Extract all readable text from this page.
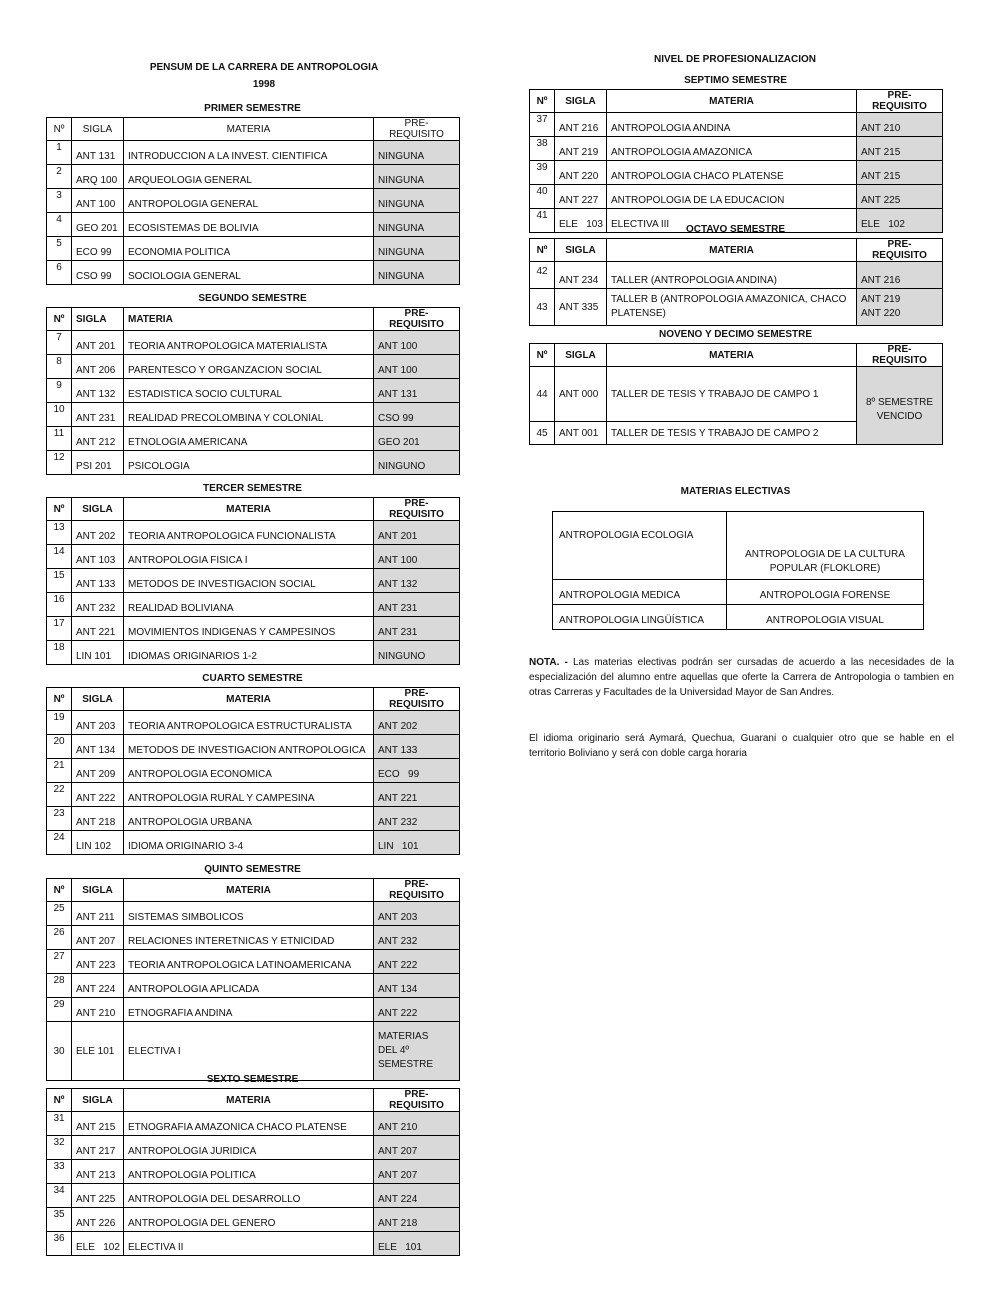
PENSUM DE LA CARRERA DE ANTROPOLOGIA
1998
NIVEL DE PROFESIONALIZACION
PRIMER SEMESTRE
Nº	SIGLA	MATERIA	PRE-REQUISITO
1	ANT 131	INTRODUCCION A LA INVEST. CIENTIFICA	NINGUNA
2	ARQ 100	ARQUEOLOGIA GENERAL	NINGUNA
3	ANT 100	ANTROPOLOGIA GENERAL	NINGUNA
4	GEO 201	ECOSISTEMAS DE BOLIVIA	NINGUNA
5	ECO 99	ECONOMIA POLITICA	NINGUNA
6	CSO 99	SOCIOLOGIA GENERAL	NINGUNA
SEGUNDO SEMESTRE
Nº	SIGLA	MATERIA	PRE-REQUISITO
7	ANT 201	TEORIA ANTROPOLOGICA MATERIALISTA	ANT 100
8	ANT 206	PARENTESCO Y ORGANZACION SOCIAL	ANT 100
9	ANT 132	ESTADISTICA SOCIO CULTURAL	ANT 131
10	ANT 231	REALIDAD PRECOLOMBINA Y COLONIAL	CSO 99
11	ANT 212	ETNOLOGIA AMERICANA	GEO 201
12	PSI 201	PSICOLOGIA	NINGUNO
TERCER SEMESTRE
Nº	SIGLA	MATERIA	PRE-REQUISITO
13	ANT 202	TEORIA ANTROPOLOGICA FUNCIONALISTA	ANT 201
14	ANT 103	ANTROPOLOGIA FISICA I	ANT 100
15	ANT 133	METODOS DE INVESTIGACION SOCIAL	ANT 132
16	ANT 232	REALIDAD BOLIVIANA	ANT 231
17	ANT 221	MOVIMIENTOS INDIGENAS Y CAMPESINOS	ANT 231
18	LIN 101	IDIOMAS ORIGINARIOS 1-2	NINGUNO
CUARTO SEMESTRE
Nº	SIGLA	MATERIA	PRE-REQUISITO
19	ANT 203	TEORIA ANTROPOLOGICA ESTRUCTURALISTA	ANT 202
20	ANT 134	METODOS DE INVESTIGACION ANTROPOLOGICA	ANT 133
21	ANT 209	ANTROPOLOGIA ECONOMICA	ECO   99
22	ANT 222	ANTROPOLOGIA RURAL Y CAMPESINA	ANT 221
23	ANT 218	ANTROPOLOGIA URBANA	ANT 232
24	LIN 102	IDIOMA ORIGINARIO 3-4	LIN   101
QUINTO SEMESTRE
Nº	SIGLA	MATERIA	PRE-REQUISITO
25	ANT 211	SISTEMAS SIMBOLICOS	ANT 203
26	ANT 207	RELACIONES INTERETNICAS Y ETNICIDAD	ANT 232
27	ANT 223	TEORIA ANTROPOLOGICA LATINOAMERICANA	ANT 222
28	ANT 224	ANTROPOLOGIA APLICADA	ANT 134
29	ANT 210	ETNOGRAFIA ANDINA	ANT 222
30	ELE 101	ELECTIVA I	MATERIAS
DEL 4º
SEMESTRE
SEXTO SEMESTRE
Nº	SIGLA	MATERIA	PRE-REQUISITO
31	ANT 215	ETNOGRAFIA AMAZONICA CHACO PLATENSE	ANT 210
32	ANT 217	ANTROPOLOGIA JURIDICA	ANT 207
33	ANT 213	ANTROPOLOGIA POLITICA	ANT 207
34	ANT 225	ANTROPOLOGIA DEL DESARROLLO	ANT 224
35	ANT 226	ANTROPOLOGIA DEL GENERO	ANT 218
36	ELE   102	ELECTIVA II	ELE   101
SEPTIMO SEMESTRE
Nº	SIGLA	MATERIA	PRE-REQUISITO
37	ANT 216	ANTROPOLOGIA ANDINA	ANT 210
38	ANT 219	ANTROPOLOGIA AMAZONICA	ANT 215
39	ANT 220	ANTROPOLOGIA CHACO PLATENSE	ANT 215
40	ANT 227	ANTROPOLOGIA DE LA EDUCACION	ANT 225
41	ELE   103	ELECTIVA III	ELE   102
OCTAVO SEMESTRE
Nº	SIGLA	MATERIA	PRE-REQUISITO
42	ANT 234	TALLER (ANTROPOLOGIA ANDINA)	ANT 216
43	ANT 335	TALLER B (ANTROPOLOGIA AMAZONICA, CHACO PLATENSE)	ANT 219
ANT 220
NOVENO Y DECIMO SEMESTRE
Nº	SIGLA	MATERIA	PRE-REQUISITO
44	ANT 000	TALLER DE TESIS Y TRABAJO DE CAMPO 1	8º SEMESTRE VENCIDO
45	ANT 001	TALLER DE TESIS Y TRABAJO DE CAMPO 2	
MATERIAS ELECTIVAS
ANTROPOLOGIA ECOLOGIA	ANTROPOLOGIA DE LA CULTURA POPULAR (FLOKLORE)
ANTROPOLOGIA MEDICA	ANTROPOLOGIA FORENSE
ANTROPOLOGIA LINGÜÍSTICA	ANTROPOLOGIA VISUAL
NOTA. - Las materias electivas podrán ser cursadas de acuerdo a las necesidades de la especialización del alumno entre aquellas que oferte la Carrera de Antropologia o tambien en otras Carreras y Facultades de la Universidad Mayor de San Andres.
El idioma originario será Aymará, Quechua, Guarani o cualquier otro que se hable en el territorio Boliviano y será con doble carga horaria
